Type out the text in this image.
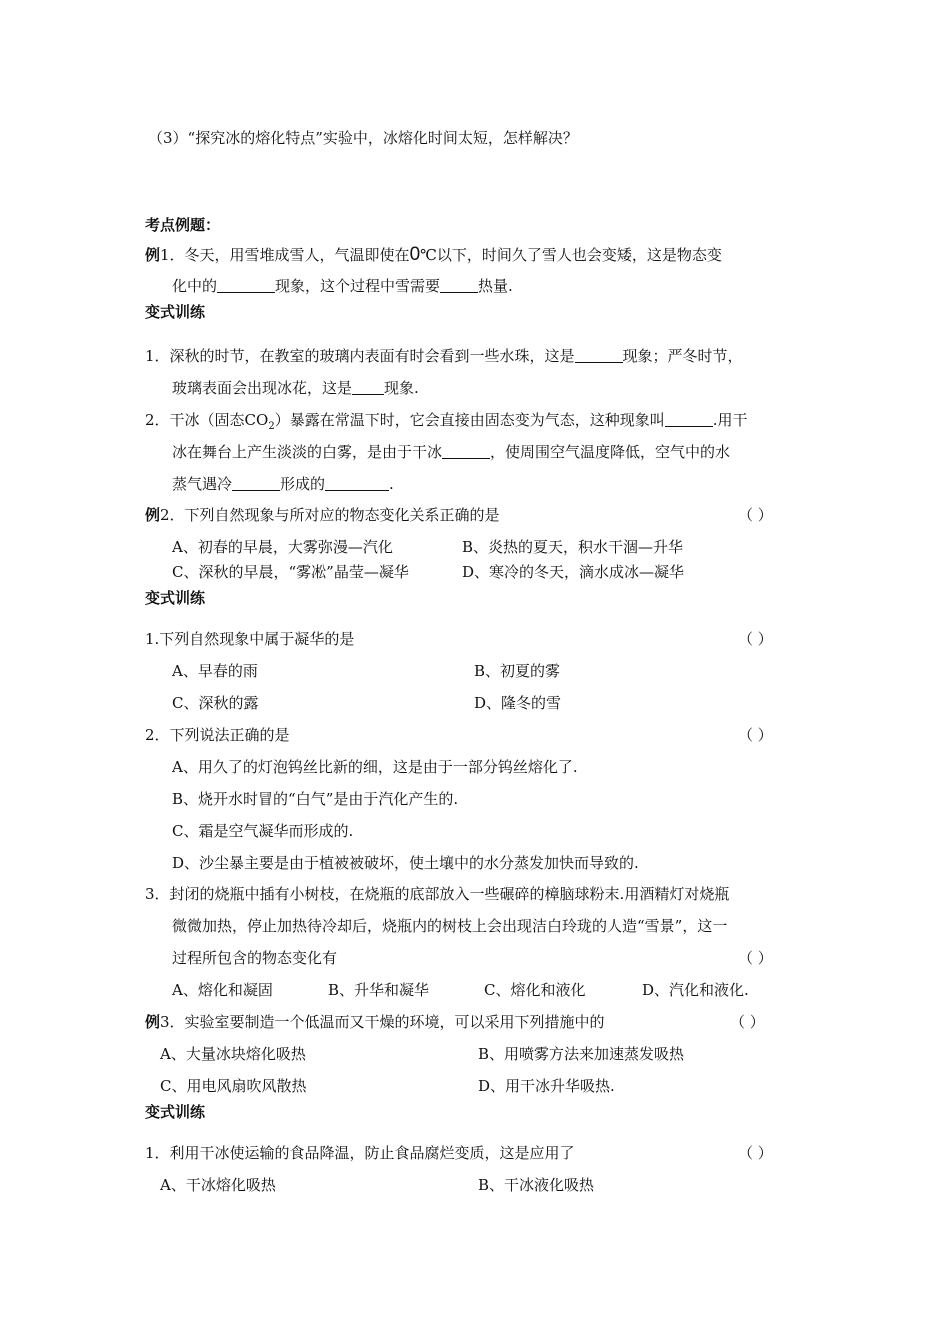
（3）“探究冰的熔化特点”实验中，冰熔化时间太短，怎样解决？
考点例题：
例1．冬天，用雪堆成雪人，气温即使在0℃以下，时间久了雪人也会变矮，这是物态变
化中的	现象，这个过程中雪需要	热量.
变式训练
1．深秋的时节，在教室的玻璃内表面有时会看到一些水珠，这是	现象；严冬时节，
玻璃表面会出现冰花，这是 现象.
2．干冰（固态$CO_2$）暴露在常温下时，它会直接由固态变为气态，这种现象叫	.用干
冰在舞台上产生淡淡的白雾，是由于干冰	，使周围空气温度降低，空气中的水
蒸气遇冷	形成的	.
例2．下列自然现象与所对应的物态变化关系正确的是	（ ）
A、初春的早晨，大雾弥漫—汽化	B、炎热的夏天，积水干涸—升华
C、深秋的早晨，“雾凇”晶莹—凝华	D、寒冷的冬天，滴水成冰—凝华
变式训练
1.下列自然现象中属于凝华的是	（ ）
A、早春的雨	B、初夏的雾
C、深秋的露	D、隆冬的雪
2．下列说法正确的是	（ ）
A、用久了的灯泡钨丝比新的细，这是由于一部分钨丝熔化了.
B、烧开水时冒的“白气”是由于汽化产生的.
C、霜是空气凝华而形成的.
D、沙尘暴主要是由于植被被破坏，使土壤中的水分蒸发加快而导致的.
3．封闭的烧瓶中插有小树枝，在烧瓶的底部放入一些碾碎的樟脑球粉末.用酒精灯对烧瓶
微微加热，停止加热待冷却后，烧瓶内的树枝上会出现洁白玲珑的人造“雪景”，这一
过程所包含的物态变化有	（ ）
A、熔化和凝固	B、升华和凝华	C、熔化和液化	D、汽化和液化.
例3．实验室要制造一个低温而又干燥的环境，可以采用下列措施中的	（ ）
A、大量冰块熔化吸热	B、用喷雾方法来加速蒸发吸热
C、用电风扇吹风散热	D、用干冰升华吸热.
变式训练
1．利用干冰使运输的食品降温，防止食品腐烂变质，这是应用了	（ ）
A、干冰熔化吸热	B、干冰液化吸热
